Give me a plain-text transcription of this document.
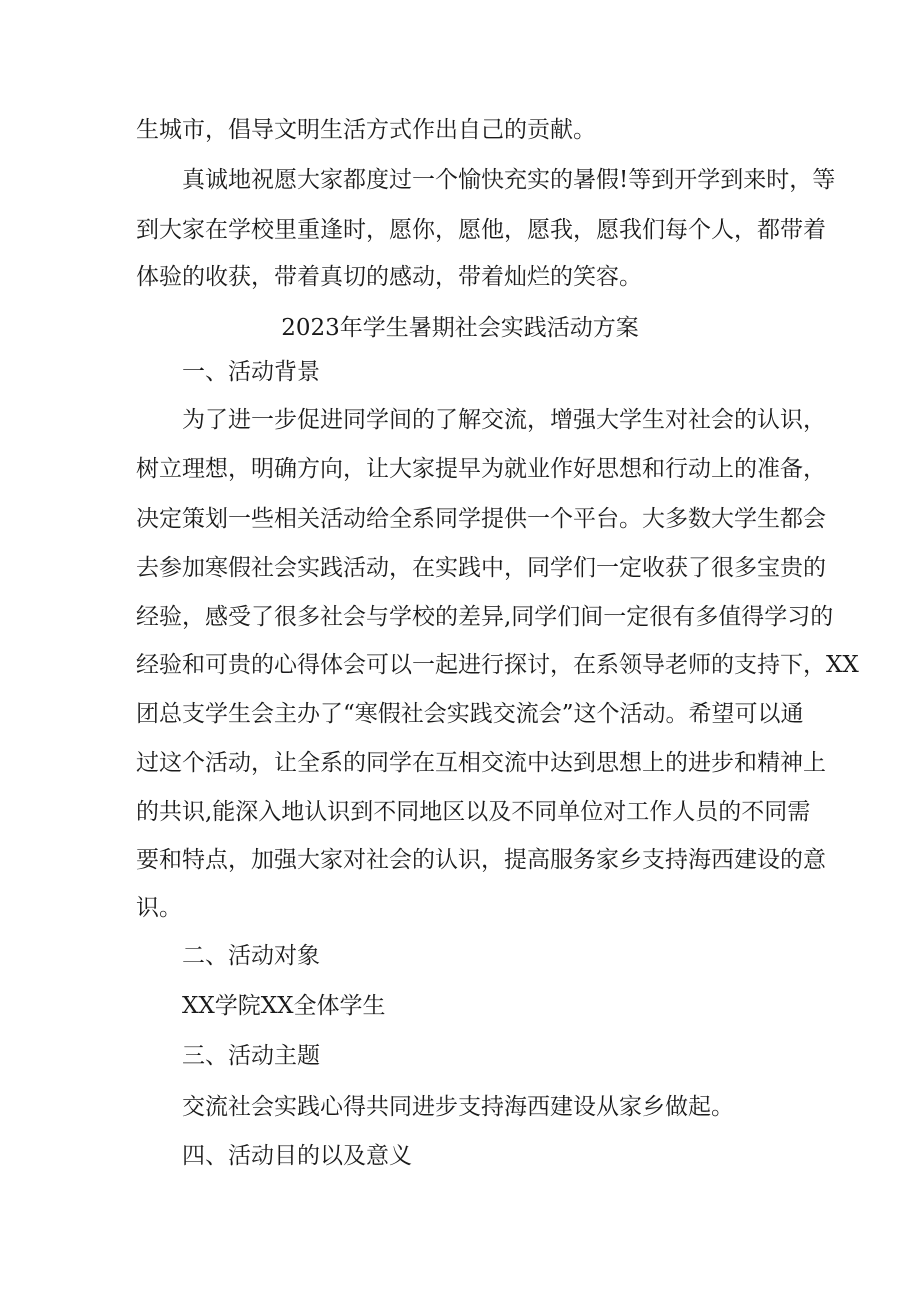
生城市，倡导文明生活方式作出自己的贡献。
真诚地祝愿大家都度过一个愉快充实的暑假!等到开学到来时，等
到大家在学校里重逢时，愿你，愿他，愿我，愿我们每个人，都带着
体验的收获，带着真切的感动，带着灿烂的笑容。
2023年学生暑期社会实践活动方案
一、活动背景
为了进一步促进同学间的了解交流，增强大学生对社会的认识，
树立理想，明确方向，让大家提早为就业作好思想和行动上的准备，
决定策划一些相关活动给全系同学提供一个平台。大多数大学生都会
去参加寒假社会实践活动，在实践中，同学们一定收获了很多宝贵的
经验，感受了很多社会与学校的差异,同学们间一定很有多值得学习的
经验和可贵的心得体会可以一起进行探讨，在系领导老师的支持下，XX
团总支学生会主办了“寒假社会实践交流会”这个活动。希望可以通
过这个活动，让全系的同学在互相交流中达到思想上的进步和精神上
的共识,能深入地认识到不同地区以及不同单位对工作人员的不同需
要和特点，加强大家对社会的认识，提高服务家乡支持海西建设的意
识。
二、活动对象
XX学院XX全体学生
三、活动主题
交流社会实践心得共同进步支持海西建设从家乡做起。
四、活动目的以及意义
